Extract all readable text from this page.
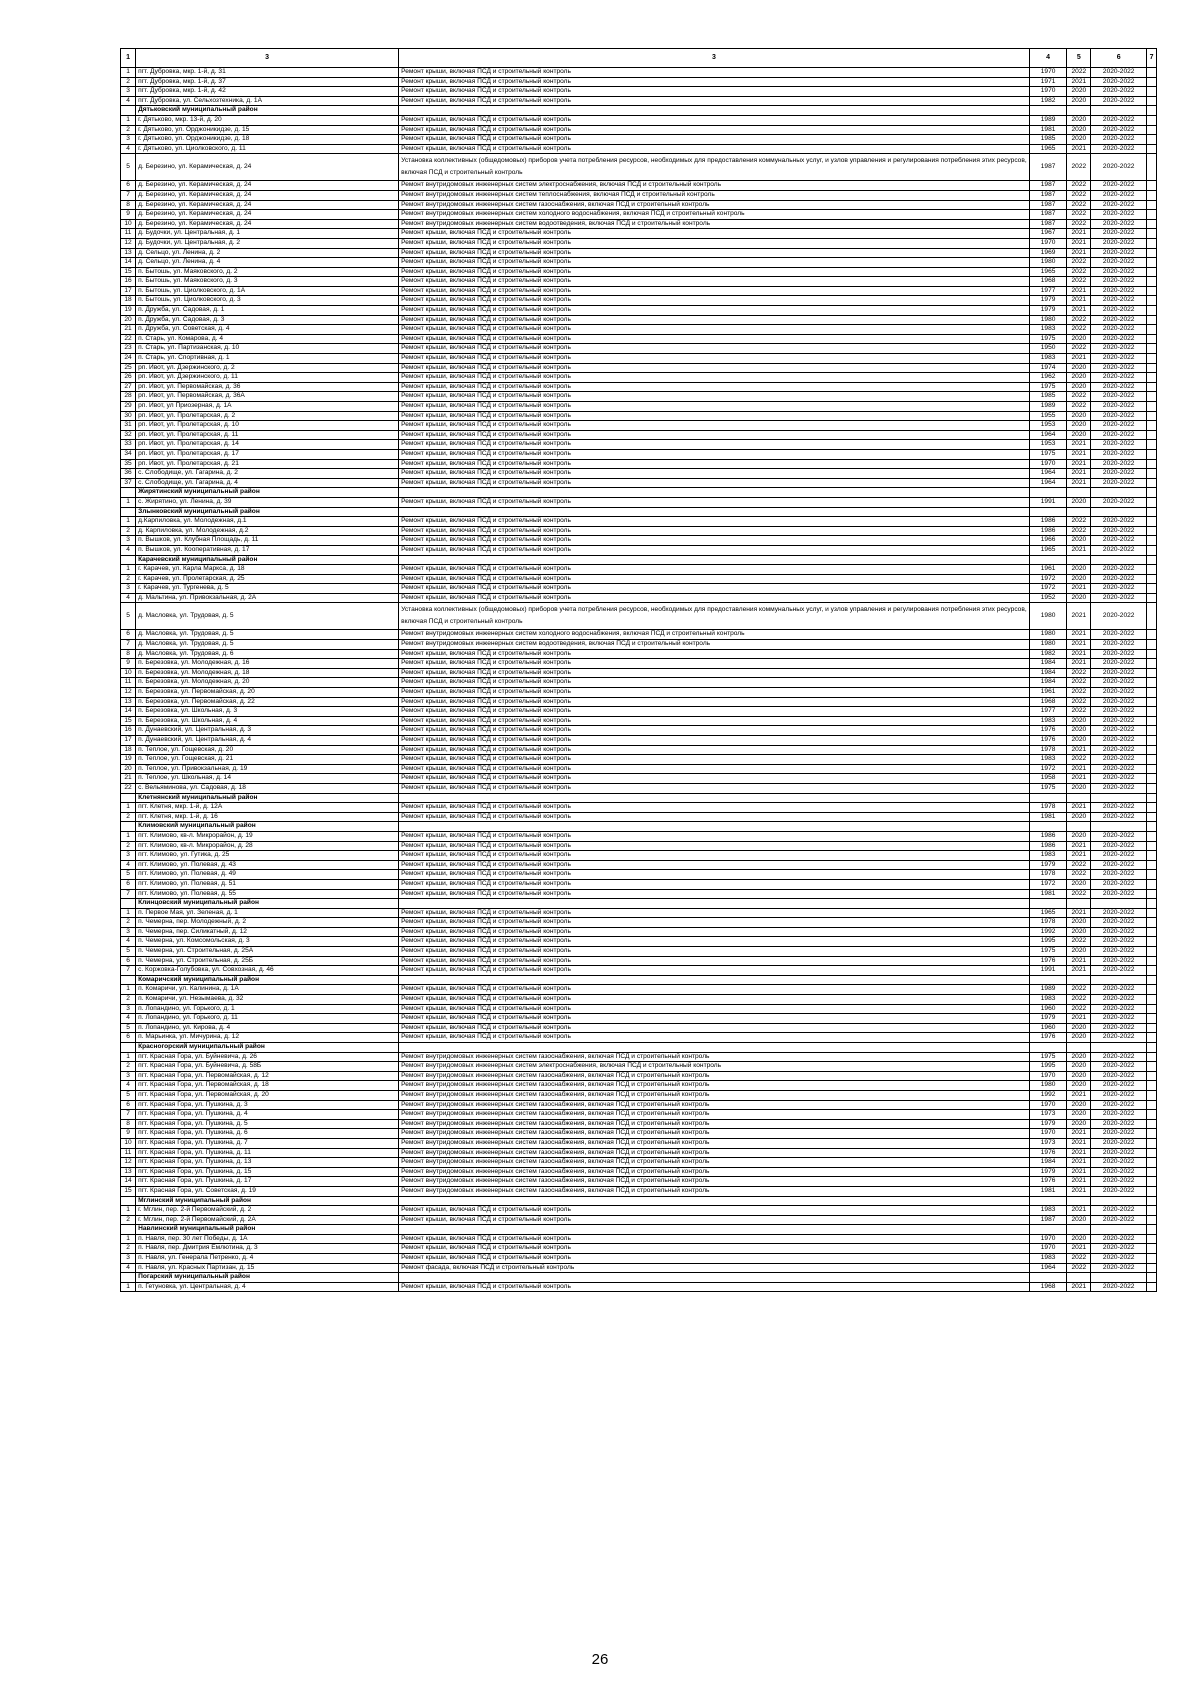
1	3	3	4	5	6	7
1	пгт. Дубровка, мкр. 1-й, д. 31	Ремонт крыши, включая ПСД и строительный контроль	1970	2022	2020-2022	
2	пгт. Дубровка, мкр. 1-й, д. 37	Ремонт крыши, включая ПСД и строительный контроль	1971	2021	2020-2022	
3	пгт. Дубровка, мкр. 1-й, д. 42	Ремонт крыши, включая ПСД и строительный контроль	1970	2020	2020-2022	
4	пгт. Дубровка, ул. Сельхозтехника, д. 1А	Ремонт крыши, включая ПСД и строительный контроль	1982	2020	2020-2022	
	Дятьковский муниципальный район					
1	г. Дятьково, мкр. 13-й, д. 20	Ремонт крыши, включая ПСД и строительный контроль	1989	2020	2020-2022	
2	г. Дятьково, ул. Орджоникидзе, д. 15	Ремонт крыши, включая ПСД и строительный контроль	1981	2020	2020-2022	
3	г. Дятьково, ул. Орджоникидзе, д. 18	Ремонт крыши, включая ПСД и строительный контроль	1985	2020	2020-2022	
4	г. Дятьково, ул. Циолковского, д. 11	Ремонт крыши, включая ПСД и строительный контроль	1965	2021	2020-2022	
5	д. Березино, ул. Керамическая, д. 24	Установка коллективных (общедомовых) приборов учета потребления ресурсов, необходимых для предоставления коммунальных услуг, и узлов управления и регулирования потребления этих ресурсов, включая ПСД и строительный контроль	1987	2022	2020-2022	
6	д. Березино, ул. Керамическая, д. 24	Ремонт внутридомовых инженерных систем электроснабжения, включая ПСД и строительный контроль	1987	2022	2020-2022	
7	д. Березино, ул. Керамическая, д. 24	Ремонт внутридомовых инженерных систем теплоснабжения, включая ПСД и строительный контроль	1987	2022	2020-2022	
8	д. Березино, ул. Керамическая, д. 24	Ремонт внутридомовых инженерных систем газоснабжения, включая ПСД и строительный контроль	1987	2022	2020-2022	
9	д. Березино, ул. Керамическая, д. 24	Ремонт внутридомовых инженерных систем холодного водоснабжения, включая ПСД и строительный контроль	1987	2022	2020-2022	
10	д. Березино, ул. Керамическая, д. 24	Ремонт внутридомовых инженерных систем водоотведения, включая ПСД и строительный контроль	1987	2022	2020-2022	
11	д. Будочки, ул. Центральная, д. 1	Ремонт крыши, включая ПСД и строительный контроль	1967	2021	2020-2022	
12	д. Будочки, ул. Центральная, д. 2	Ремонт крыши, включая ПСД и строительный контроль	1970	2021	2020-2022	
13	д. Сельцо, ул. Ленина, д. 2	Ремонт крыши, включая ПСД и строительный контроль	1969	2021	2020-2022	
14	д. Сельцо, ул. Ленина, д. 4	Ремонт крыши, включая ПСД и строительный контроль	1980	2022	2020-2022	
15	п. Бытошь, ул. Маяковского, д. 2	Ремонт крыши, включая ПСД и строительный контроль	1965	2022	2020-2022	
16	п. Бытошь, ул. Маяковского, д. 3	Ремонт крыши, включая ПСД и строительный контроль	1968	2022	2020-2022	
17	п. Бытошь, ул. Циолковского, д. 1А	Ремонт крыши, включая ПСД и строительный контроль	1977	2021	2020-2022	
18	п. Бытошь, ул. Циолковского, д. 3	Ремонт крыши, включая ПСД и строительный контроль	1979	2021	2020-2022	
19	п. Дружба, ул. Садовая, д. 1	Ремонт крыши, включая ПСД и строительный контроль	1979	2021	2020-2022	
20	п. Дружба, ул. Садовая, д. 3	Ремонт крыши, включая ПСД и строительный контроль	1980	2022	2020-2022	
21	п. Дружба, ул. Советская, д. 4	Ремонт крыши, включая ПСД и строительный контроль	1983	2022	2020-2022	
22	п. Старь, ул. Комарова, д. 4	Ремонт крыши, включая ПСД и строительный контроль	1975	2020	2020-2022	
23	п. Старь, ул. Партизанская, д. 10	Ремонт крыши, включая ПСД и строительный контроль	1950	2022	2020-2022	
24	п. Старь, ул. Спортивная, д. 1	Ремонт крыши, включая ПСД и строительный контроль	1983	2021	2020-2022	
25	рп. Ивот, ул. Дзержинского, д. 2	Ремонт крыши, включая ПСД и строительный контроль	1974	2020	2020-2022	
26	рп. Ивот, ул. Дзержинского, д. 11	Ремонт крыши, включая ПСД и строительный контроль	1962	2020	2020-2022	
27	рп. Ивот, ул. Первомайская, д. 36	Ремонт крыши, включая ПСД и строительный контроль	1975	2020	2020-2022	
28	рп. Ивот, ул. Первомайская, д. 36А	Ремонт крыши, включая ПСД и строительный контроль	1985	2022	2020-2022	
29	рп. Ивот, ул Приозерная, д. 1А	Ремонт крыши, включая ПСД и строительный контроль	1989	2022	2020-2022	
30	рп. Ивот, ул. Пролетарская, д. 2	Ремонт крыши, включая ПСД и строительный контроль	1955	2020	2020-2022	
31	рп. Ивот, ул. Пролетарская, д. 10	Ремонт крыши, включая ПСД и строительный контроль	1953	2020	2020-2022	
32	рп. Ивот, ул. Пролетарская, д. 11	Ремонт крыши, включая ПСД и строительный контроль	1964	2020	2020-2022	
33	рп. Ивот, ул. Пролетарская, д. 14	Ремонт крыши, включая ПСД и строительный контроль	1953	2021	2020-2022	
34	рп. Ивот, ул. Пролетарская, д. 17	Ремонт крыши, включая ПСД и строительный контроль	1975	2021	2020-2022	
35	рп. Ивот, ул. Пролетарская, д. 21	Ремонт крыши, включая ПСД и строительный контроль	1970	2021	2020-2022	
36	с. Слободище, ул. Гагарина, д. 2	Ремонт крыши, включая ПСД и строительный контроль	1964	2021	2020-2022	
37	с. Слободище, ул. Гагарина, д. 4	Ремонт крыши, включая ПСД и строительный контроль	1964	2021	2020-2022	
	Жирятинский муниципальный район					
1	с. Жирятино, ул. Ленина, д. 39	Ремонт крыши, включая ПСД и строительный контроль	1991	2020	2020-2022	
	Злынковский муниципальный район					
1	д.Карпиловка, ул. Молодежная, д.1	Ремонт крыши, включая ПСД и строительный контроль	1986	2022	2020-2022	
2	д. Карпиловка, ул. Молодежная, д.2	Ремонт крыши, включая ПСД и строительный контроль	1986	2022	2020-2022	
3	п. Вышков, ул. Клубная Площадь, д. 11	Ремонт крыши, включая ПСД и строительный контроль	1966	2020	2020-2022	
4	п. Вышков, ул. Кооперативная, д. 17	Ремонт крыши, включая ПСД и строительный контроль	1965	2021	2020-2022	
	Карачевский муниципальный район					
1	г. Карачев, ул. Карла Маркса, д. 18	Ремонт крыши, включая ПСД и строительный контроль	1961	2020	2020-2022	
2	г. Карачев, ул. Пролетарская, д. 25	Ремонт крыши, включая ПСД и строительный контроль	1972	2020	2020-2022	
3	г. Карачев, ул. Тургенева, д. 5	Ремонт крыши, включая ПСД и строительный контроль	1972	2021	2020-2022	
4	д. Мальтина, ул. Привокзальная, д. 2А	Ремонт крыши, включая ПСД и строительный контроль	1952	2020	2020-2022	
5	д. Масловка, ул. Трудовая, д. 5	Установка коллективных (общедомовых) приборов учета потребления ресурсов, необходимых для предоставления коммунальных услуг, и узлов управления и регулирования потребления этих ресурсов, включая ПСД и строительный контроль	1980	2021	2020-2022	
6	д. Масловка, ул. Трудовая, д. 5	Ремонт внутридомовых инженерных систем холодного водоснабжения, включая ПСД и строительный контроль	1980	2021	2020-2022	
7	д. Масловка, ул. Трудовая, д. 5	Ремонт внутридомовых инженерных систем водоотведения, включая ПСД и строительный контроль	1980	2021	2020-2022	
8	д. Масловка, ул. Трудовая, д. 6	Ремонт крыши, включая ПСД и строительный контроль	1982	2021	2020-2022	
9	п. Березовка, ул. Молодежная, д. 16	Ремонт крыши, включая ПСД и строительный контроль	1984	2021	2020-2022	
10	п. Березовка, ул. Молодежная, д. 18	Ремонт крыши, включая ПСД и строительный контроль	1984	2022	2020-2022	
11	п. Березовка, ул. Молодежная, д. 20	Ремонт крыши, включая ПСД и строительный контроль	1984	2022	2020-2022	
12	п. Березовка, ул. Первомайская, д. 20	Ремонт крыши, включая ПСД и строительный контроль	1961	2022	2020-2022	
13	п. Березовка, ул. Первомайская, д. 22	Ремонт крыши, включая ПСД и строительный контроль	1968	2022	2020-2022	
14	п. Березовка, ул. Школьная, д. 3	Ремонт крыши, включая ПСД и строительный контроль	1977	2022	2020-2022	
15	п. Березовка, ул. Школьная, д. 4	Ремонт крыши, включая ПСД и строительный контроль	1983	2020	2020-2022	
16	п. Дунаевский, ул. Центральная, д. 3	Ремонт крыши, включая ПСД и строительный контроль	1976	2020	2020-2022	
17	п. Дунаевский, ул. Центральная, д. 4	Ремонт крыши, включая ПСД и строительный контроль	1976	2020	2020-2022	
18	п. Теплое, ул. Гощевская, д. 20	Ремонт крыши, включая ПСД и строительный контроль	1978	2021	2020-2022	
19	п. Теплое, ул. Гощевская, д. 21	Ремонт крыши, включая ПСД и строительный контроль	1983	2022	2020-2022	
20	п. Теплое, ул. Привокзальная, д. 19	Ремонт крыши, включая ПСД и строительный контроль	1972	2021	2020-2022	
21	п. Теплое, ул. Школьная, д. 14	Ремонт крыши, включая ПСД и строительный контроль	1958	2021	2020-2022	
22	с. Вельяминова, ул. Садовая, д. 18	Ремонт крыши, включая ПСД и строительный контроль	1975	2020	2020-2022	
	Клетнянский муниципальный район					
1	пгт. Клетня, мкр. 1-й, д. 12А	Ремонт крыши, включая ПСД и строительный контроль	1978	2021	2020-2022	
2	пгт. Клетня, мкр. 1-й, д. 16	Ремонт крыши, включая ПСД и строительный контроль	1981	2020	2020-2022	
	Климовский муниципальный район					
1	пгт. Климово, кв-л. Микрорайон, д. 19	Ремонт крыши, включая ПСД и строительный контроль	1986	2020	2020-2022	
2	пгт. Климово, кв-л. Микрорайон, д. 28	Ремонт крыши, включая ПСД и строительный контроль	1986	2021	2020-2022	
3	пгт. Климово, ул. Гутика, д. 25	Ремонт крыши, включая ПСД и строительный контроль	1983	2021	2020-2022	
4	пгт. Климово, ул. Полевая, д. 43	Ремонт крыши, включая ПСД и строительный контроль	1979	2022	2020-2022	
5	пгт. Климово, ул. Полевая, д. 49	Ремонт крыши, включая ПСД и строительный контроль	1978	2022	2020-2022	
6	пгт. Климово, ул. Полевая, д. 51	Ремонт крыши, включая ПСД и строительный контроль	1972	2020	2020-2022	
7	пгт. Климово, ул. Полевая, д. 55	Ремонт крыши, включая ПСД и строительный контроль	1981	2022	2020-2022	
	Клинцовский муниципальный район					
1	п. Первое Мая, ул. Зеленая, д. 1	Ремонт крыши, включая ПСД и строительный контроль	1965	2021	2020-2022	
2	п. Чемерна, пер. Молодежный, д. 2	Ремонт крыши, включая ПСД и строительный контроль	1978	2020	2020-2022	
3	п. Чемерна, пер. Силикатный, д. 12	Ремонт крыши, включая ПСД и строительный контроль	1992	2020	2020-2022	
4	п. Чемерна, ул. Комсомольская, д. 3	Ремонт крыши, включая ПСД и строительный контроль	1995	2022	2020-2022	
5	п. Чемерна, ул. Строительная, д. 25А	Ремонт крыши, включая ПСД и строительный контроль	1975	2020	2020-2022	
6	п. Чемерна, ул. Строительная, д. 25Б	Ремонт крыши, включая ПСД и строительный контроль	1976	2021	2020-2022	
7	с. Коржовка-Голубовка, ул. Совхозная, д. 46	Ремонт крыши, включая ПСД и строительный контроль	1991	2021	2020-2022	
	Комаричский муниципальный район					
1	п. Комаричи, ул. Калинина, д. 1А	Ремонт крыши, включая ПСД и строительный контроль	1989	2022	2020-2022	
2	п. Комаричи, ул. Незымаева, д. 32	Ремонт крыши, включая ПСД и строительный контроль	1983	2022	2020-2022	
3	п. Лопандино, ул. Горького, д. 1	Ремонт крыши, включая ПСД и строительный контроль	1960	2022	2020-2022	
4	п. Лопандино, ул. Горького, д. 11	Ремонт крыши, включая ПСД и строительный контроль	1979	2021	2020-2022	
5	п. Лопандино, ул. Кирова, д. 4	Ремонт крыши, включая ПСД и строительный контроль	1960	2020	2020-2022	
6	п. Марьинка, ул. Мичурина, д. 12	Ремонт крыши, включая ПСД и строительный контроль	1976	2020	2020-2022	
	Красногорский муниципальный район					
1	пгт. Красная Гора, ул. Буйневича, д. 26	Ремонт внутридомовых инженерных систем газоснабжения, включая ПСД и строительный контроль	1975	2020	2020-2022	
2	пгт. Красная Гора, ул. Буйневича, д. 58Б	Ремонт внутридомовых инженерных систем электроснабжения, включая ПСД и строительный контроль	1995	2020	2020-2022	
3	пгт. Красная Гора, ул. Первомайская, д. 12	Ремонт внутридомовых инженерных систем газоснабжения, включая ПСД и строительный контроль	1970	2020	2020-2022	
4	пгт. Красная Гора, ул. Первомайская, д. 18	Ремонт внутридомовых инженерных систем газоснабжения, включая ПСД и строительный контроль	1980	2020	2020-2022	
5	пгт. Красная Гора, ул. Первомайская, д. 20	Ремонт внутридомовых инженерных систем газоснабжения, включая ПСД и строительный контроль	1992	2021	2020-2022	
6	пгт. Красная Гора, ул. Пушкина, д. 3	Ремонт внутридомовых инженерных систем газоснабжения, включая ПСД и строительный контроль	1970	2020	2020-2022	
7	пгт. Красная Гора, ул. Пушкина, д. 4	Ремонт внутридомовых инженерных систем газоснабжения, включая ПСД и строительный контроль	1973	2020	2020-2022	
8	пгт. Красная Гора, ул. Пушкина, д. 5	Ремонт внутридомовых инженерных систем газоснабжения, включая ПСД и строительный контроль	1979	2020	2020-2022	
9	пгт. Красная Гора, ул. Пушкина, д. 6	Ремонт внутридомовых инженерных систем газоснабжения, включая ПСД и строительный контроль	1970	2021	2020-2022	
10	пгт. Красная Гора, ул. Пушкина, д. 7	Ремонт внутридомовых инженерных систем газоснабжения, включая ПСД и строительный контроль	1973	2021	2020-2022	
11	пгт. Красная Гора, ул. Пушкина, д. 11	Ремонт внутридомовых инженерных систем газоснабжения, включая ПСД и строительный контроль	1976	2021	2020-2022	
12	пгт. Красная Гора, ул. Пушкина, д. 13	Ремонт внутридомовых инженерных систем газоснабжения, включая ПСД и строительный контроль	1984	2021	2020-2022	
13	пгт. Красная Гора, ул. Пушкина, д. 15	Ремонт внутридомовых инженерных систем газоснабжения, включая ПСД и строительный контроль	1979	2021	2020-2022	
14	пгт. Красная Гора, ул. Пушкина, д. 17	Ремонт внутридомовых инженерных систем газоснабжения, включая ПСД и строительный контроль	1976	2021	2020-2022	
15	пгт. Красная Гора, ул. Советская, д. 19	Ремонт внутридомовых инженерных систем газоснабжения, включая ПСД и строительный контроль	1981	2021	2020-2022	
	Мглинский муниципальный район					
1	г. Мглин, пер. 2-й Первомайский, д. 2	Ремонт крыши, включая ПСД и строительный контроль	1983	2021	2020-2022	
2	г. Мглин, пер. 2-й Первомайский, д. 2А	Ремонт крыши, включая ПСД и строительный контроль	1987	2020	2020-2022	
	Навлинский муниципальный район					
1	п. Навля, пер. 30 лет Победы, д. 1А	Ремонт крыши, включая ПСД и строительный контроль	1970	2020	2020-2022	
2	п. Навля, пер. Дмитрия Емлютина, д. 3	Ремонт крыши, включая ПСД и строительный контроль	1970	2021	2020-2022	
3	п. Навля, ул. Генерала Петренко, д. 4	Ремонт крыши, включая ПСД и строительный контроль	1983	2022	2020-2022	
4	п. Навля, ул. Красных Партизан, д. 15	Ремонт фасада, включая ПСД и строительный контроль	1964	2022	2020-2022	
	Погарский муниципальный район					
1	п. Гетуновка, ул. Центральная, д. 4	Ремонт крыши, включая ПСД и строительный контроль	1968	2021	2020-2022	
26
